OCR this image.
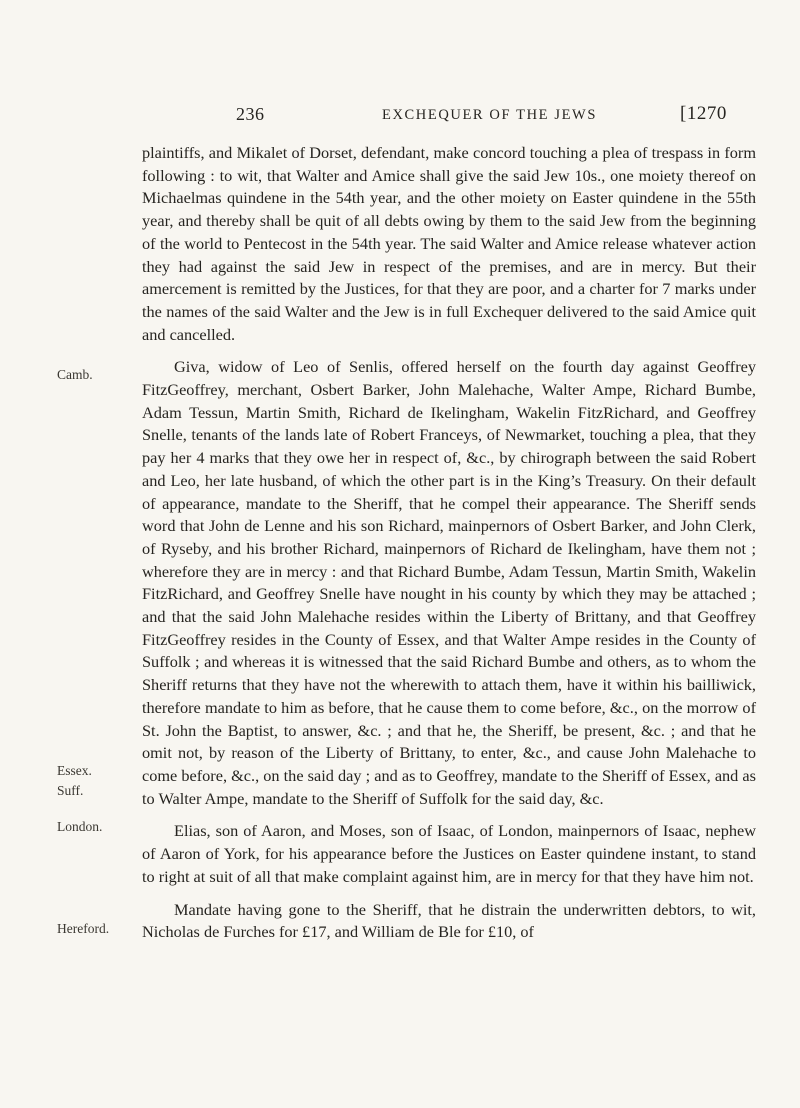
236	EXCHEQUER OF THE JEWS	[1270
Camb.
Essex.
Suff.
London.
Hereford.

plaintiffs, and Mikalet of Dorset, defendant, make concord touching a plea of trespass in form following : to wit, that Walter and Amice shall give the said Jew 10s., one moiety thereof on Michaelmas quindene in the 54th year, and the other moiety on Easter quindene in the 55th year, and thereby shall be quit of all debts owing by them to the said Jew from the beginning of the world to Pentecost in the 54th year. The said Walter and Amice release whatever action they had against the said Jew in respect of the premises, and are in mercy. But their amercement is remitted by the Justices, for that they are poor, and a charter for 7 marks under the names of the said Walter and the Jew is in full Exchequer delivered to the said Amice quit and cancelled.

Giva, widow of Leo of Senlis, offered herself on the fourth day against Geoffrey FitzGeoffrey, merchant, Osbert Barker, John Malehache, Walter Ampe, Richard Bumbe, Adam Tessun, Martin Smith, Richard de Ikelingham, Wakelin FitzRichard, and Geoffrey Snelle, tenants of the lands late of Robert Franceys, of Newmarket, touching a plea, that they pay her 4 marks that they owe her in respect of, &c., by chirograph between the said Robert and Leo, her late husband, of which the other part is in the King’s Treasury. On their default of appearance, mandate to the Sheriff, that he compel their appearance. The Sheriff sends word that John de Lenne and his son Richard, mainpernors of Osbert Barker, and John Clerk, of Ryseby, and his brother Richard, mainpernors of Richard de Ikelingham, have them not ; wherefore they are in mercy : and that Richard Bumbe, Adam Tessun, Martin Smith, Wakelin FitzRichard, and Geoffrey Snelle have nought in his county by which they may be attached ; and that the said John Malehache resides within the Liberty of Brittany, and that Geoffrey FitzGeoffrey resides in the County of Essex, and that Walter Ampe resides in the County of Suffolk ; and whereas it is witnessed that the said Richard Bumbe and others, as to whom the Sheriff returns that they have not the wherewith to attach them, have it within his bailliwick, therefore mandate to him as before, that he cause them to come before, &c., on the morrow of St. John the Baptist, to answer, &c. ; and that he, the Sheriff, be present, &c. ; and that he omit not, by reason of the Liberty of Brittany, to enter, &c., and cause John Malehache to come before, &c., on the said day ; and as to Geoffrey, mandate to the Sheriff of Essex, and as to Walter Ampe, mandate to the Sheriff of Suffolk for the said day, &c.

Elias, son of Aaron, and Moses, son of Isaac, of London, mainpernors of Isaac, nephew of Aaron of York, for his appearance before the Justices on Easter quindene instant, to stand to right at suit of all that make complaint against him, are in mercy for that they have him not.

Mandate having gone to the Sheriff, that he distrain the underwritten debtors, to wit, Nicholas de Furches for £17, and William de Ble for £10, of
